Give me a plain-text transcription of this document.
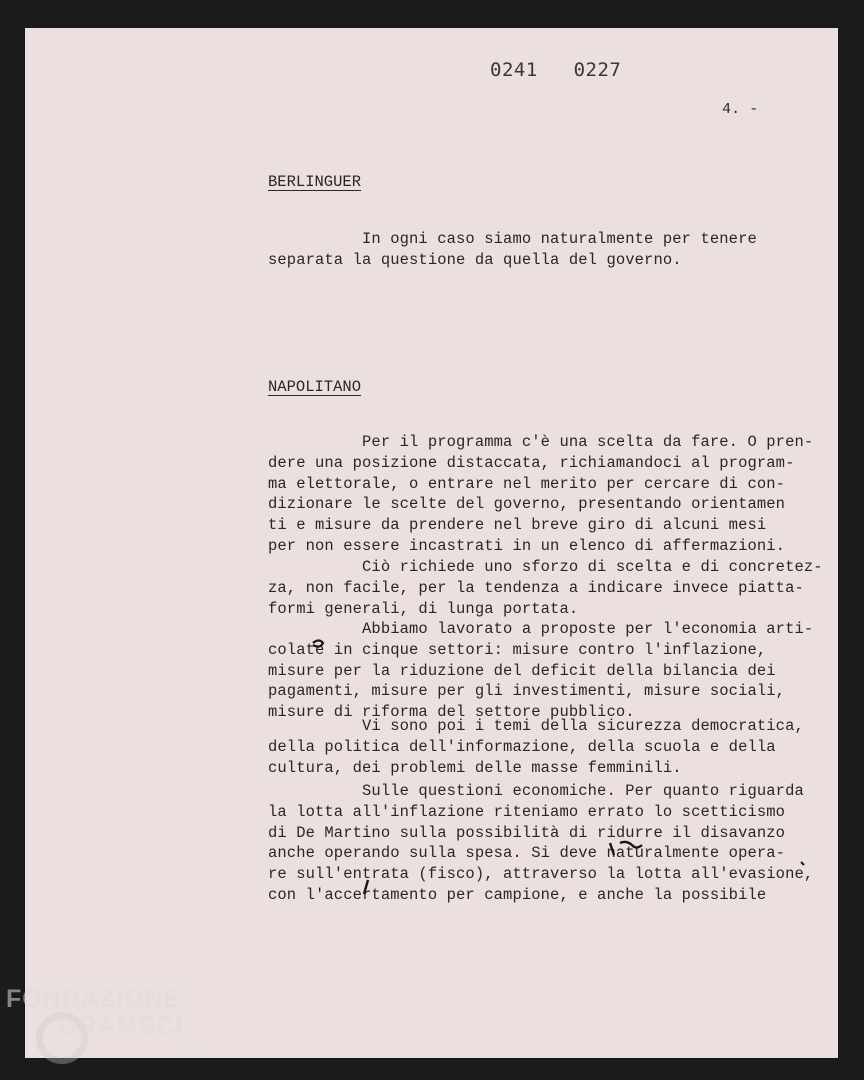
0241   0227
4. -
BERLINGUER
In ogni caso siamo naturalmente per tenere
separata la questione da quella del governo.
NAPOLITANO
Per il programma c'è una scelta da fare. O pren-
dere una posizione distaccata, richiamandoci al program-
ma elettorale, o entrare nel merito per cercare di con-
dizionare le scelte del governo, presentando orientamen
ti e misure da prendere nel breve giro di alcuni mesi
per non essere incastrati in un elenco di affermazioni.
Ciò richiede uno sforzo di scelta e di concretez-
za, non facile, per la tendenza a indicare invece piatta-
formi generali, di lunga portata.
Abbiamo lavorato a proposte per l'economia arti-
colate in cinque settori: misure contro l'inflazione,
misure per la riduzione del deficit della bilancia dei
pagamenti, misure per gli investimenti, misure sociali,
misure di riforma del settore pubblico.
Vi sono poi i temi della sicurezza democratica,
della politica dell'informazione, della scuola e della
cultura, dei problemi delle masse femminili.
Sulle questioni economiche. Per quanto riguarda
la lotta all'inflazione riteniamo errato lo scetticismo
di De Martino sulla possibilità di ridurre il disavanzo
anche operando sulla spesa. Si deve naturalmente opera-
re sull'entrata (fisco), attraverso la lotta all'evasione,
con l'accertamento per campione, e anche la possibile
FONDAZIONE
GRAMSCI
onlus
